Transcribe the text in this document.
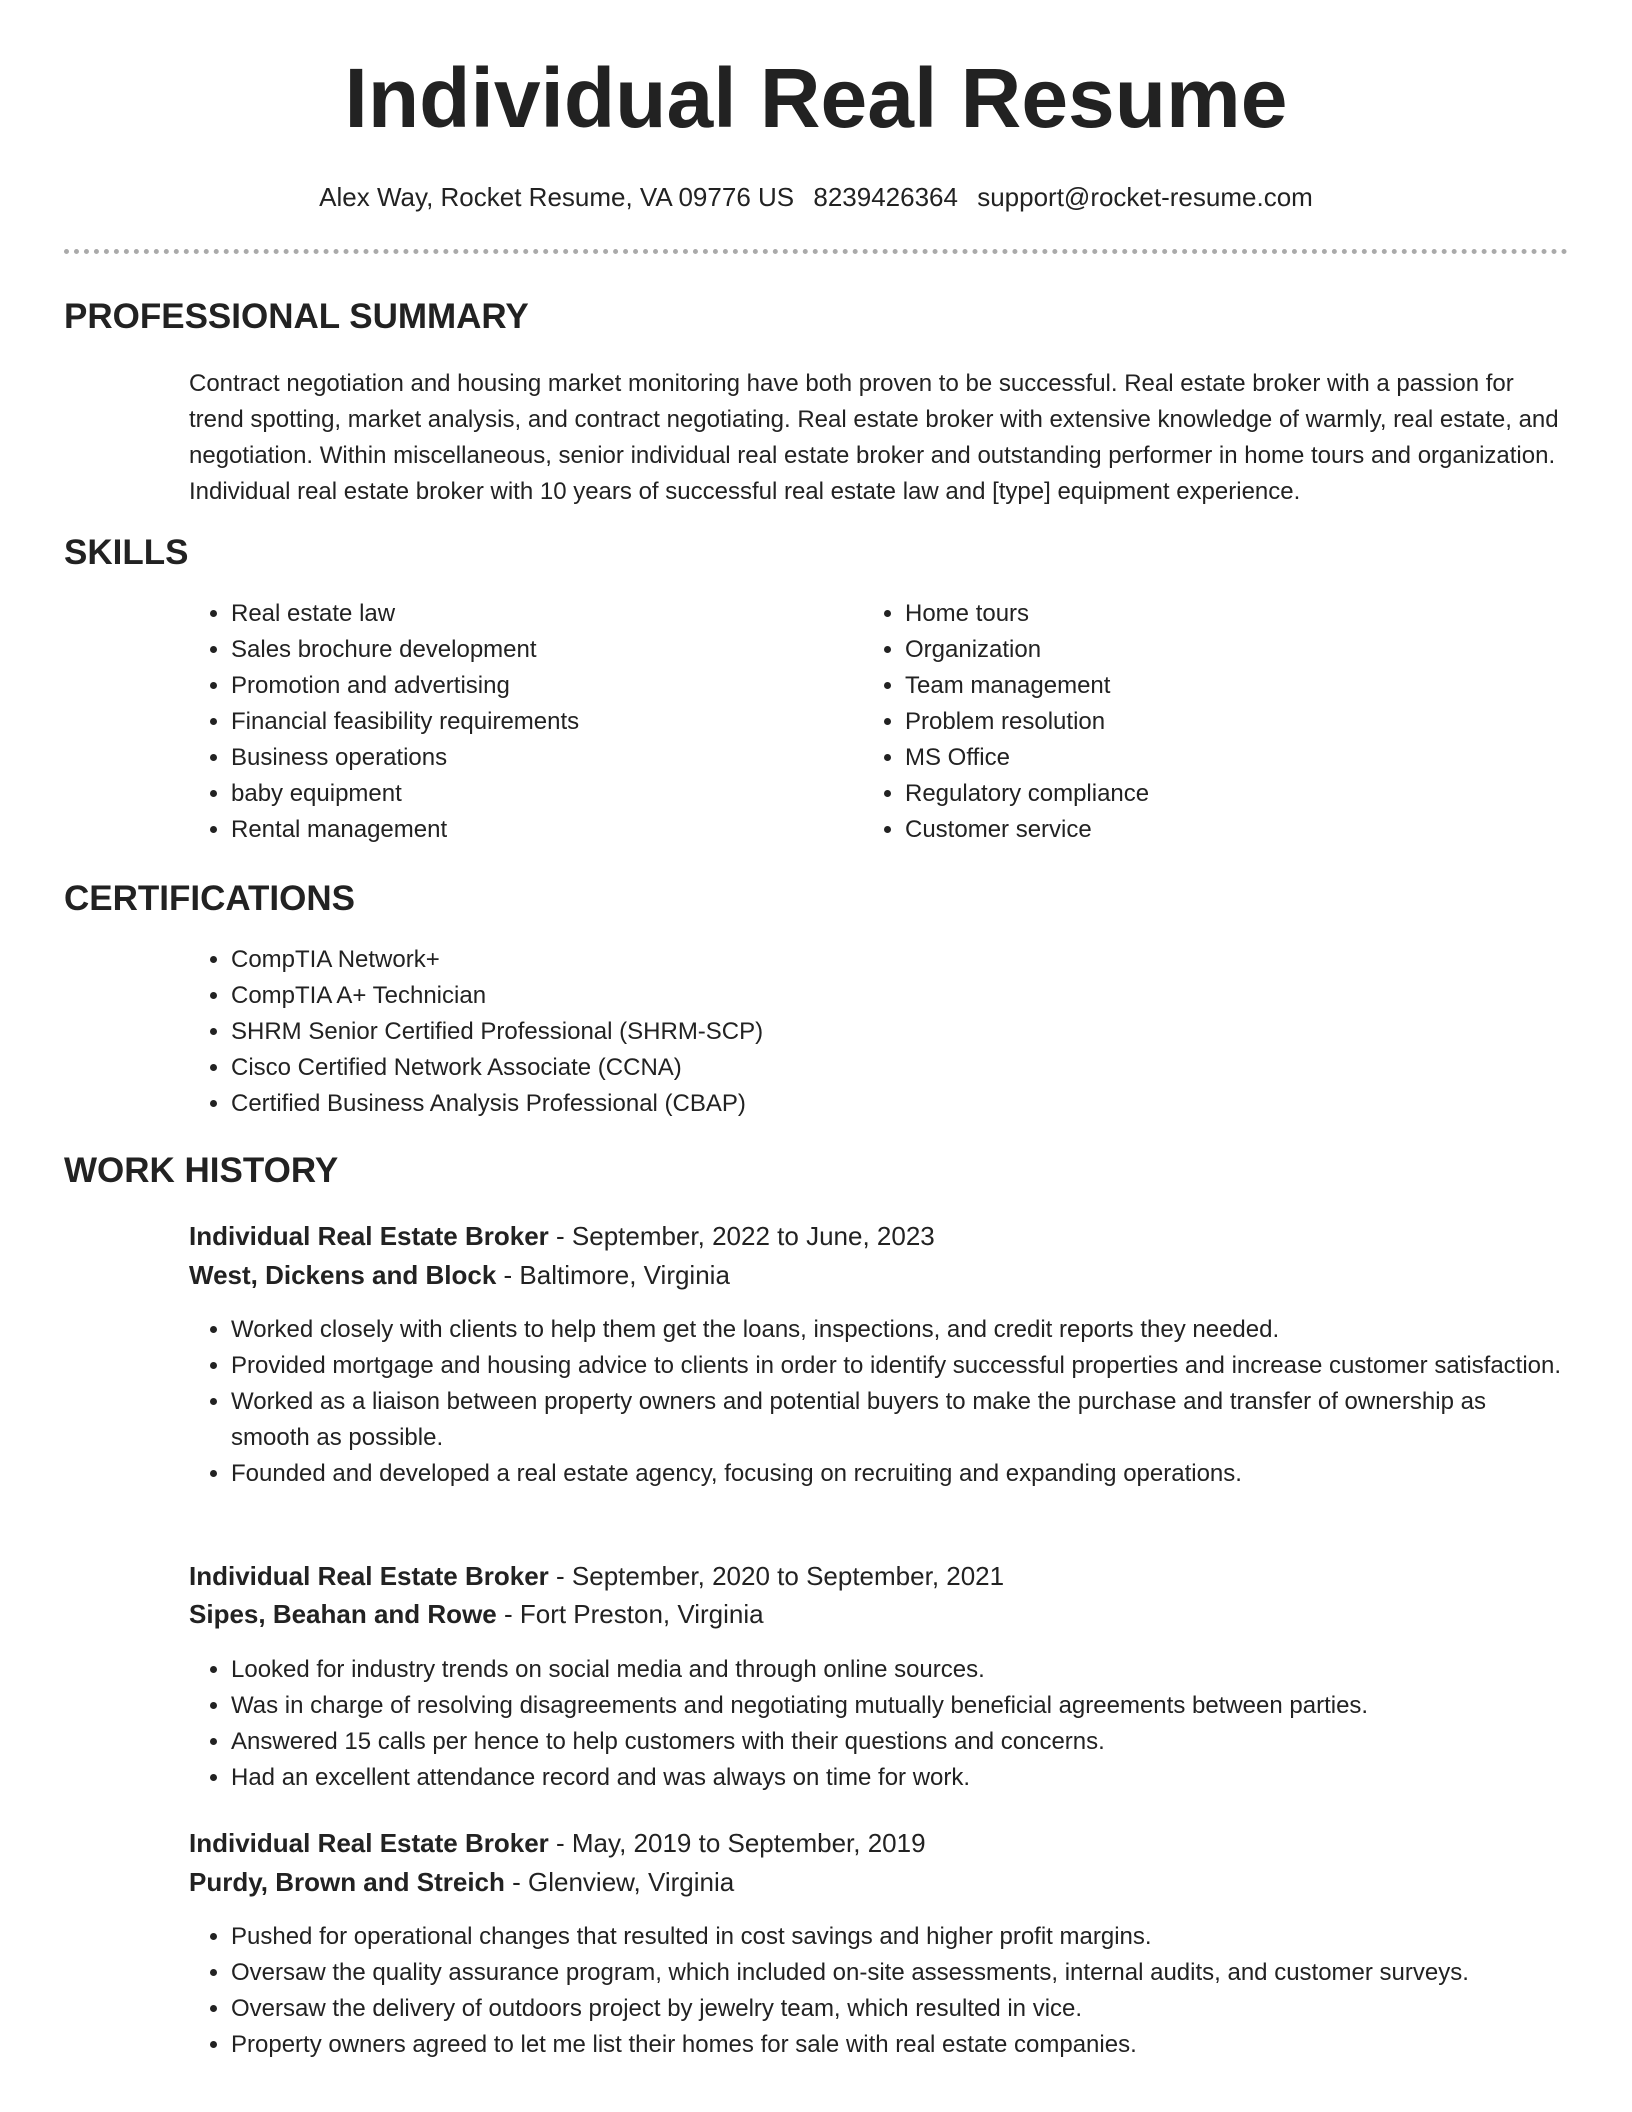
Individual Real Resume
Alex Way, Rocket Resume, VA 09776 US 8239426364 support@rocket-resume.com
PROFESSIONAL SUMMARY

Contract negotiation and housing market monitoring have both proven to be successful. Real estate broker with a passion for trend spotting, market analysis, and contract negotiating. Real estate broker with extensive knowledge of warmly, real estate, and negotiation. Within miscellaneous, senior individual real estate broker and outstanding performer in home tours and organization. Individual real estate broker with 10 years of successful real estate law and [type] equipment experience.

SKILLS
• Real estate law
• Sales brochure development
• Promotion and advertising
• Financial feasibility requirements
• Business operations
• baby equipment
• Rental management
• Home tours
• Organization
• Team management
• Problem resolution
• MS Office
• Regulatory compliance
• Customer service
CERTIFICATIONS
• CompTIA Network+
• CompTIA A+ Technician
• SHRM Senior Certified Professional (SHRM-SCP)
• Cisco Certified Network Associate (CCNA)
• Certified Business Analysis Professional (CBAP)
WORK HISTORY
Individual Real Estate Broker - September, 2022 to June, 2023
West, Dickens and Block - Baltimore, Virginia
• Worked closely with clients to help them get the loans, inspections, and credit reports they needed.
• Provided mortgage and housing advice to clients in order to identify successful properties and increase customer satisfaction.
• Worked as a liaison between property owners and potential buyers to make the purchase and transfer of ownership as smooth as possible.
• Founded and developed a real estate agency, focusing on recruiting and expanding operations.
Individual Real Estate Broker - September, 2020 to September, 2021
Sipes, Beahan and Rowe - Fort Preston, Virginia
• Looked for industry trends on social media and through online sources.
• Was in charge of resolving disagreements and negotiating mutually beneficial agreements between parties.
• Answered 15 calls per hence to help customers with their questions and concerns.
• Had an excellent attendance record and was always on time for work.
Individual Real Estate Broker - May, 2019 to September, 2019
Purdy, Brown and Streich - Glenview, Virginia
• Pushed for operational changes that resulted in cost savings and higher profit margins.
• Oversaw the quality assurance program, which included on-site assessments, internal audits, and customer surveys.
• Oversaw the delivery of outdoors project by jewelry team, which resulted in vice.
• Property owners agreed to let me list their homes for sale with real estate companies.
